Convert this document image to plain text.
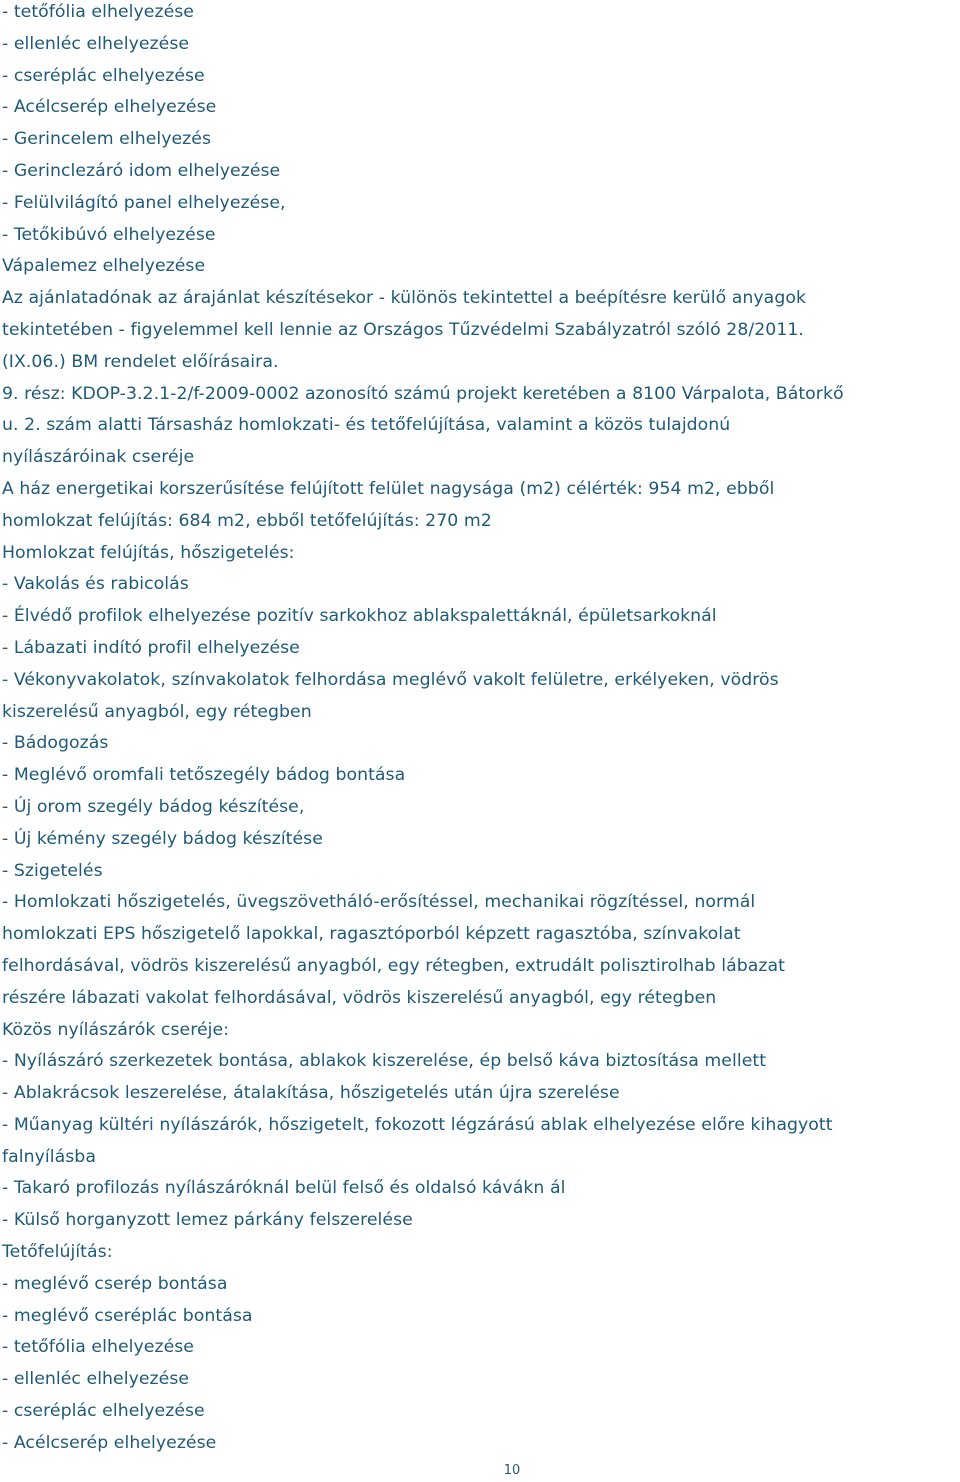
- tetőfólia elhelyezése
- ellenléc elhelyezése
- cseréplác elhelyezése
- Acélcserép elhelyezése
- Gerincelem elhelyezés
- Gerinclezáró idom elhelyezése
- Felülvilágító panel elhelyezése,
- Tetőkibúvó elhelyezése
Vápalemez elhelyezése
Az ajánlatadónak az árajánlat készítésekor - különös tekintettel a beépítésre kerülő anyagok
tekintetében - figyelemmel kell lennie az Országos Tűzvédelmi Szabályzatról szóló 28/2011.
(IX.06.) BM rendelet előírásaira.
9. rész: KDOP-3.2.1-2/f-2009-0002 azonosító számú projekt keretében a 8100 Várpalota, Bátorkő
u. 2. szám alatti Társasház homlokzati- és tetőfelújítása, valamint a közös tulajdonú
nyílászáróinak cseréje
A ház energetikai korszerűsítése felújított felület nagysága (m2) célérték: 954 m2, ebből
homlokzat felújítás: 684 m2, ebből tetőfelújítás: 270 m2
Homlokzat felújítás, hőszigetelés:
- Vakolás és rabicolás
- Élvédő profilok elhelyezése pozitív sarkokhoz ablakspalettáknál, épületsarkoknál
- Lábazati indító profil elhelyezése
- Vékonyvakolatok, színvakolatok felhordása meglévő vakolt felületre, erkélyeken, vödrös
kiszerelésű anyagból, egy rétegben
- Bádogozás
- Meglévő oromfali tetőszegély bádog bontása
- Új orom szegély bádog készítése,
- Új kémény szegély bádog készítése
- Szigetelés
- Homlokzati hőszigetelés, üvegszövetháló-erősítéssel, mechanikai rögzítéssel, normál
homlokzati EPS hőszigetelő lapokkal, ragasztóporból képzett ragasztóba, színvakolat
felhordásával, vödrös kiszerelésű anyagból, egy rétegben, extrudált polisztirolhab lábazat
részére lábazati vakolat felhordásával, vödrös kiszerelésű anyagból, egy rétegben
Közös nyílászárók cseréje:
- Nyílászáró szerkezetek bontása, ablakok kiszerelése, ép belső káva biztosítása mellett
- Ablakrácsok leszerelése, átalakítása, hőszigetelés után újra szerelése
- Műanyag kültéri nyílászárók, hőszigetelt, fokozott légzárású ablak elhelyezése előre kihagyott
falnyílásba
- Takaró profilozás nyílászáróknál belül felső és oldalsó kávákn ál
- Külső horganyzott lemez párkány felszerelése
Tetőfelújítás:
- meglévő cserép bontása
- meglévő cseréplác bontása
- tetőfólia elhelyezése
- ellenléc elhelyezése
- cseréplác elhelyezése
- Acélcserép elhelyezése
10
